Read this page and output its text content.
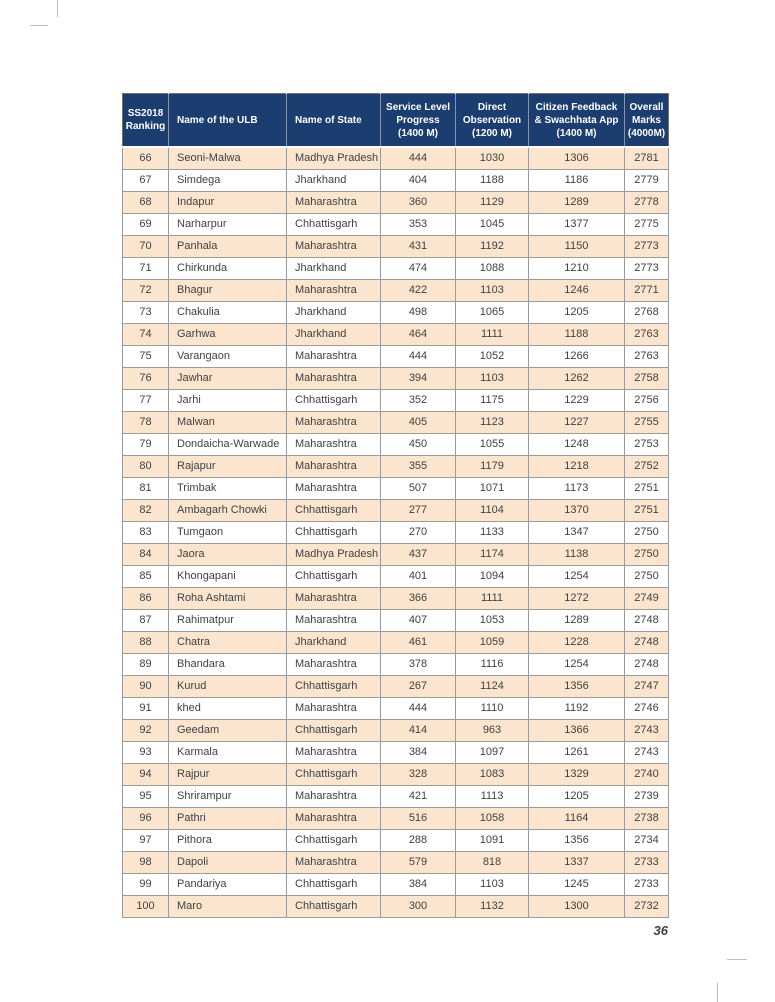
SS2018 Ranking	Name of the ULB	Name of State	Service Level Progress (1400 M)	Direct Observation (1200 M)	Citizen Feedback & Swachhata App (1400 M)	Overall Marks (4000M)
66	Seoni-Malwa	Madhya Pradesh	444	1030	1306	2781
67	Simdega	Jharkhand	404	1188	1186	2779
68	Indapur	Maharashtra	360	1129	1289	2778
69	Narharpur	Chhattisgarh	353	1045	1377	2775
70	Panhala	Maharashtra	431	1192	1150	2773
71	Chirkunda	Jharkhand	474	1088	1210	2773
72	Bhagur	Maharashtra	422	1103	1246	2771
73	Chakulia	Jharkhand	498	1065	1205	2768
74	Garhwa	Jharkhand	464	1111	1188	2763
75	Varangaon	Maharashtra	444	1052	1266	2763
76	Jawhar	Maharashtra	394	1103	1262	2758
77	Jarhi	Chhattisgarh	352	1175	1229	2756
78	Malwan	Maharashtra	405	1123	1227	2755
79	Dondaicha-Warwade	Maharashtra	450	1055	1248	2753
80	Rajapur	Maharashtra	355	1179	1218	2752
81	Trimbak	Maharashtra	507	1071	1173	2751
82	Ambagarh Chowki	Chhattisgarh	277	1104	1370	2751
83	Tumgaon	Chhattisgarh	270	1133	1347	2750
84	Jaora	Madhya Pradesh	437	1174	1138	2750
85	Khongapani	Chhattisgarh	401	1094	1254	2750
86	Roha Ashtami	Maharashtra	366	1111	1272	2749
87	Rahimatpur	Maharashtra	407	1053	1289	2748
88	Chatra	Jharkhand	461	1059	1228	2748
89	Bhandara	Maharashtra	378	1116	1254	2748
90	Kurud	Chhattisgarh	267	1124	1356	2747
91	khed	Maharashtra	444	1110	1192	2746
92	Geedam	Chhattisgarh	414	963	1366	2743
93	Karmala	Maharashtra	384	1097	1261	2743
94	Rajpur	Chhattisgarh	328	1083	1329	2740
95	Shrirampur	Maharashtra	421	1113	1205	2739
96	Pathri	Maharashtra	516	1058	1164	2738
97	Pithora	Chhattisgarh	288	1091	1356	2734
98	Dapoli	Maharashtra	579	818	1337	2733
99	Pandariya	Chhattisgarh	384	1103	1245	2733
100	Maro	Chhattisgarh	300	1132	1300	2732
36
